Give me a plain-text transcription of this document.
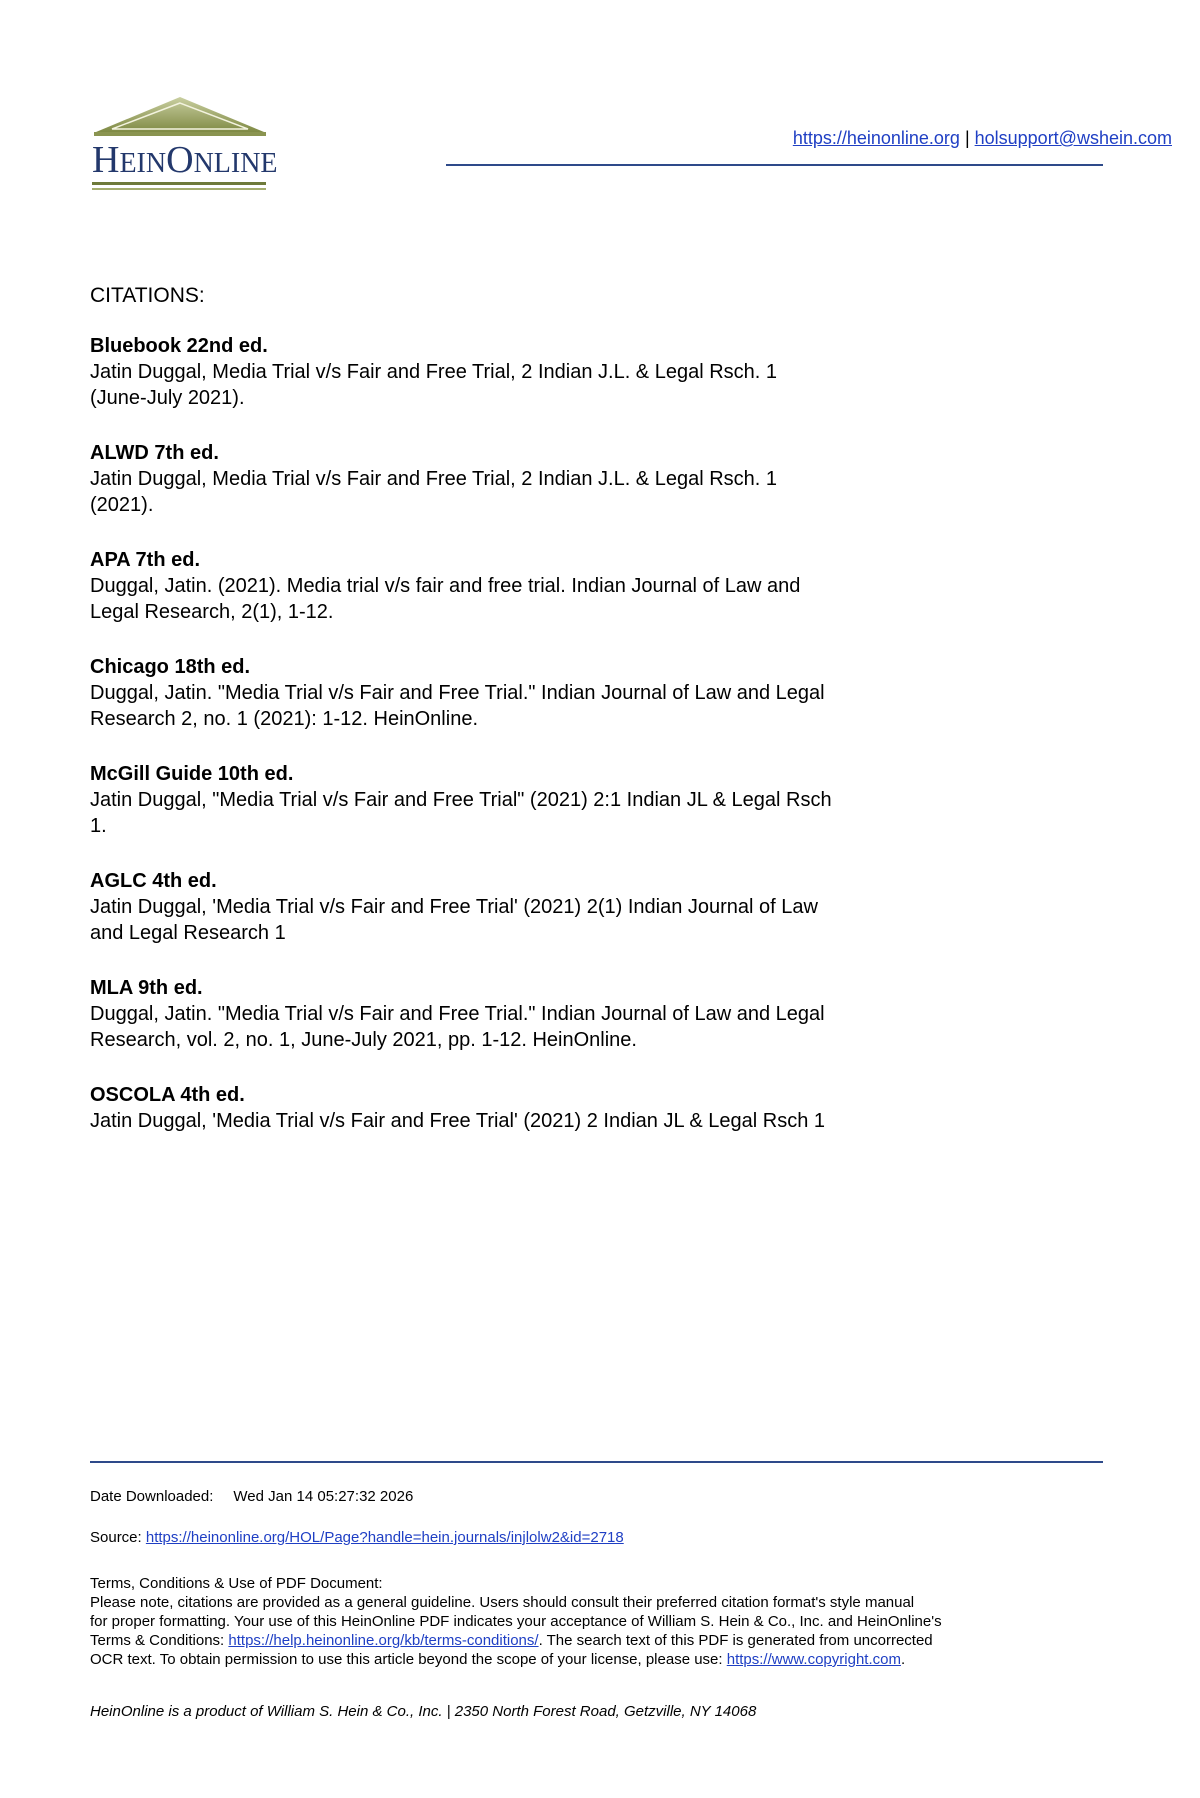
HEINONLINE
https://heinonline.org | holsupport@wshein.com
CITATIONS:
Bluebook 22nd ed.
Jatin Duggal, Media Trial v/s Fair and Free Trial, 2 Indian J.L. & Legal Rsch. 1
(June-July 2021).
ALWD 7th ed.
Jatin Duggal, Media Trial v/s Fair and Free Trial, 2 Indian J.L. & Legal Rsch. 1
(2021).
APA 7th ed.
Duggal, Jatin. (2021). Media trial v/s fair and free trial. Indian Journal of Law and
Legal Research, 2(1), 1-12.
Chicago 18th ed.
Duggal, Jatin. "Media Trial v/s Fair and Free Trial." Indian Journal of Law and Legal
Research 2, no. 1 (2021): 1-12. HeinOnline.
McGill Guide 10th ed.
Jatin Duggal, "Media Trial v/s Fair and Free Trial" (2021) 2:1 Indian JL & Legal Rsch
1.
AGLC 4th ed.
Jatin Duggal, 'Media Trial v/s Fair and Free Trial' (2021) 2(1) Indian Journal of Law
and Legal Research 1
MLA 9th ed.
Duggal, Jatin. "Media Trial v/s Fair and Free Trial." Indian Journal of Law and Legal
Research, vol. 2, no. 1, June-July 2021, pp. 1-12. HeinOnline.
OSCOLA 4th ed.
Jatin Duggal, 'Media Trial v/s Fair and Free Trial' (2021) 2 Indian JL & Legal Rsch 1
Date Downloaded: Wed Jan 14 05:27:32 2026
Source: https://heinonline.org/HOL/Page?handle=hein.journals/injlolw2&id=2718
Terms, Conditions & Use of PDF Document:
Please note, citations are provided as a general guideline. Users should consult their preferred citation format's style manual
for proper formatting. Your use of this HeinOnline PDF indicates your acceptance of William S. Hein & Co., Inc. and HeinOnline's
Terms & Conditions: https://help.heinonline.org/kb/terms-conditions/. The search text of this PDF is generated from uncorrected
OCR text. To obtain permission to use this article beyond the scope of your license, please use: https://www.copyright.com.
HeinOnline is a product of William S. Hein & Co., Inc. | 2350 North Forest Road, Getzville, NY 14068
